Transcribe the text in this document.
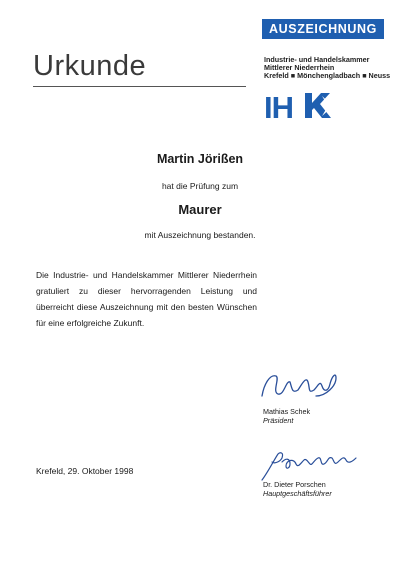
AUSZEICHNUNG
Urkunde	Industrie- und Handelskammer
Mittlerer Niederrhein
Krefeld ■ Mönchengladbach ■ Neuss
IH
Martin Jörißen
hat die Prüfung zum
Maurer
mit Auszeichnung bestanden.
Die Industrie- und Handelskammer Mittlerer Niederrhein gratuliert zu dieser hervorragenden Leistung und überreicht diese Auszeichnung mit den besten Wünschen für eine erfolgreiche Zukunft.
Mathias Schek
Präsident
Krefeld, 29. Oktober 1998
Dr. Dieter Porschen
Hauptgeschäftsführer
